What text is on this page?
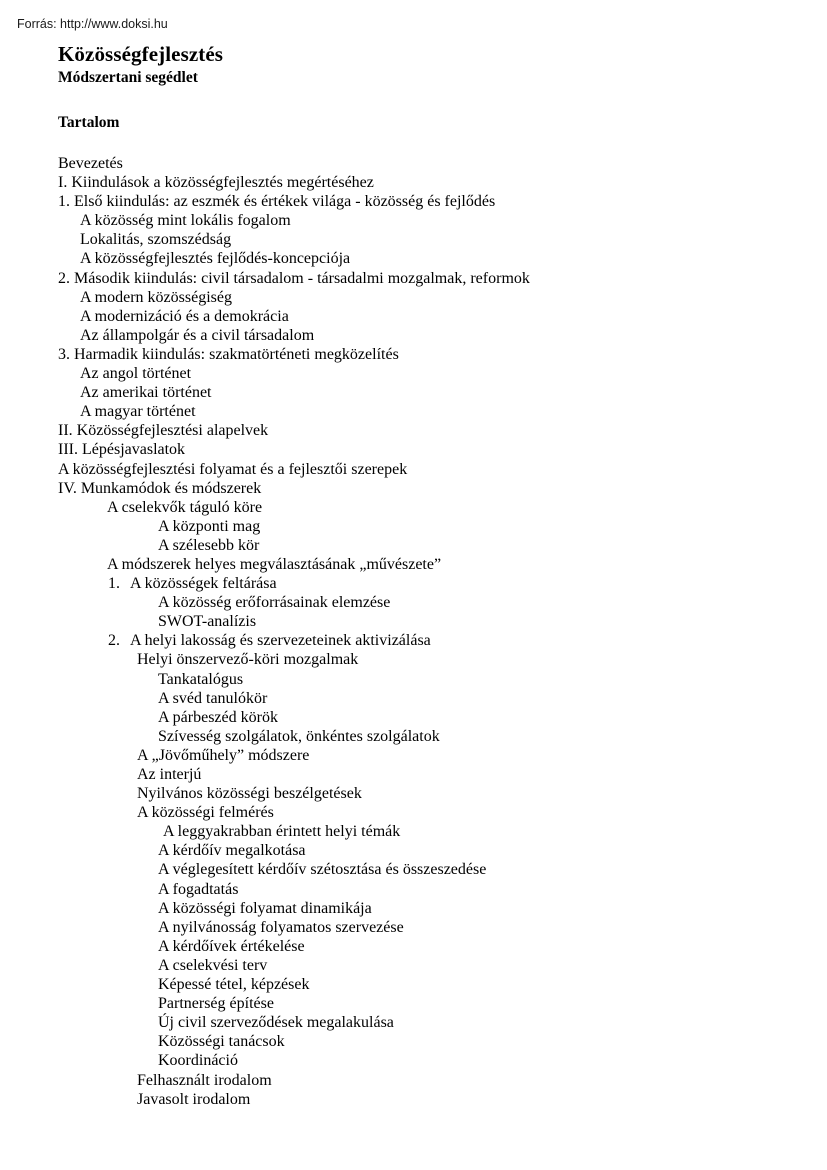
Forrás: http://www.doksi.hu
Közösségfejlesztés
Módszertani segédlet
Tartalom
Bevezetés
I. Kiindulások a közösségfejlesztés megértéséhez
1. Első kiindulás: az eszmék és értékek világa - közösség és fejlődés
A közösség mint lokális fogalom
Lokalitás, szomszédság
A közösségfejlesztés fejlődés-koncepciója
2. Második kiindulás: civil társadalom - társadalmi mozgalmak, reformok
A modern közösségiség
A modernizáció és a demokrácia
Az állampolgár és a civil társadalom
3. Harmadik kiindulás: szakmatörténeti megközelítés
Az angol történet
Az amerikai történet
A magyar történet
II. Közösségfejlesztési alapelvek
III. Lépésjavaslatok
A közösségfejlesztési folyamat és a fejlesztői szerepek
IV. Munkamódok és módszerek
A cselekvők táguló köre
A központi mag
A szélesebb kör
A módszerek helyes megválasztásának „művészete”
1. A közösségek feltárása
A közösség erőforrásainak elemzése
SWOT-analízis
2. A helyi lakosság és szervezeteinek aktivizálása
Helyi önszervező-köri mozgalmak
Tankatalógus
A svéd tanulókör
A párbeszéd körök
Szívesség szolgálatok, önkéntes szolgálatok
A „Jövőműhely” módszere
Az interjú
Nyilvános közösségi beszélgetések
A közösségi felmérés
A leggyakrabban érintett helyi témák
A kérdőív megalkotása
A véglegesített kérdőív szétosztása és összeszedése
A fogadtatás
A közösségi folyamat dinamikája
A nyilvánosság folyamatos szervezése
A kérdőívek értékelése
A cselekvési terv
Képessé tétel, képzések
Partnerség építése
Új civil szerveződések megalakulása
Közösségi tanácsok
Koordináció
Felhasznált irodalom
Javasolt irodalom
